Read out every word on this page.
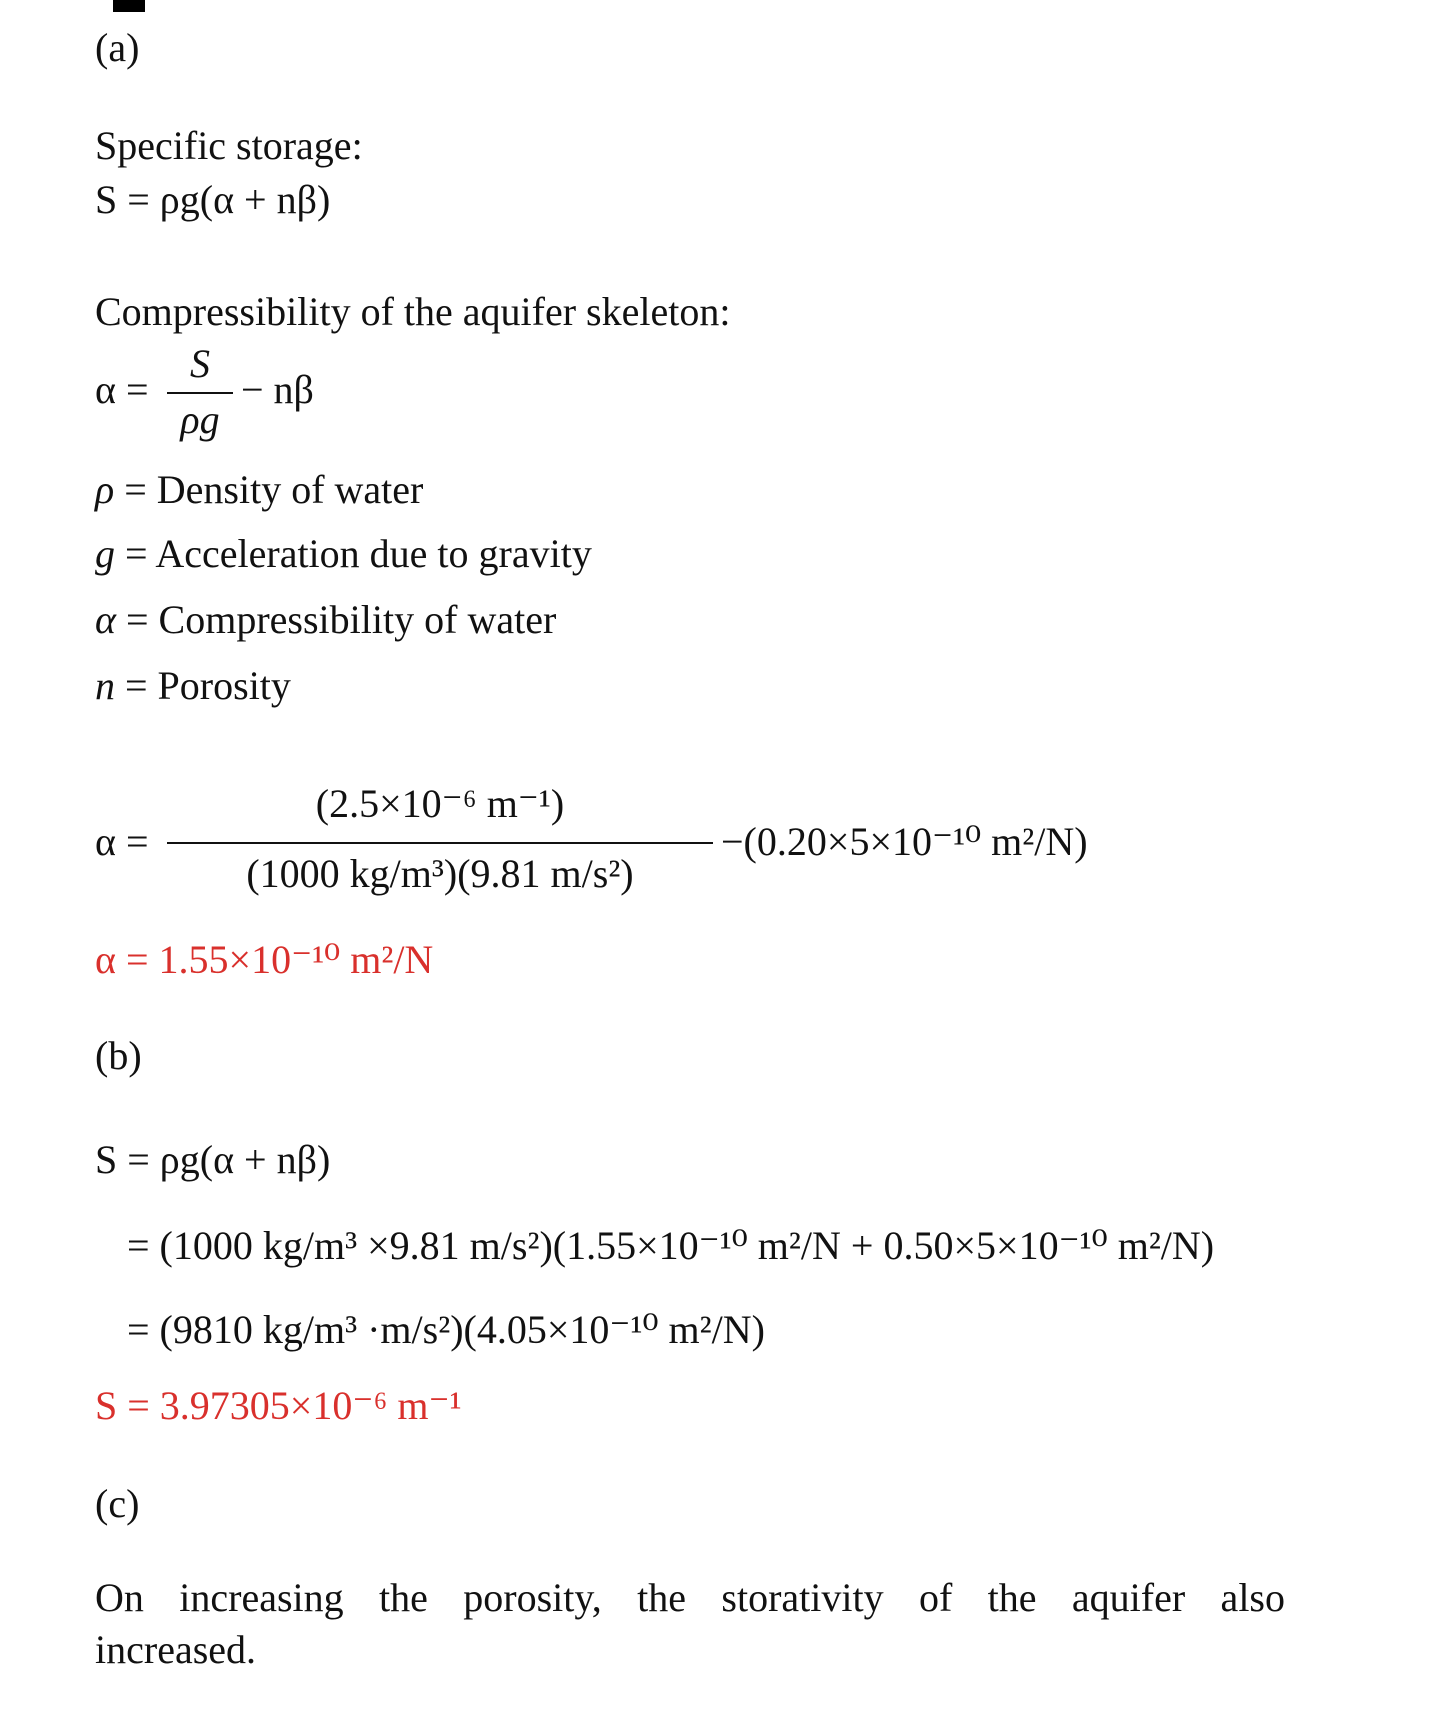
(a)
Specific storage:
S = ρg(α + nβ)
Compressibility of the aquifer skeleton:
α =
S
ρg
− nβ
ρ = Density of water
g = Acceleration due to gravity
α = Compressibility of water
n = Porosity
α =
(2.5×10⁻⁶ m⁻¹)
(1000 kg/m³)(9.81 m/s²)
−(0.20×5×10⁻¹⁰ m²/N)
α = 1.55×10⁻¹⁰ m²/N
(b)
S = ρg(α + nβ)
= (1000 kg/m³ ×9.81 m/s²)(1.55×10⁻¹⁰ m²/N + 0.50×5×10⁻¹⁰ m²/N)
= (9810 kg/m³ ·m/s²)(4.05×10⁻¹⁰ m²/N)
S = 3.97305×10⁻⁶ m⁻¹
(c)
On increasing the porosity, the storativity of the aquifer also increased.
